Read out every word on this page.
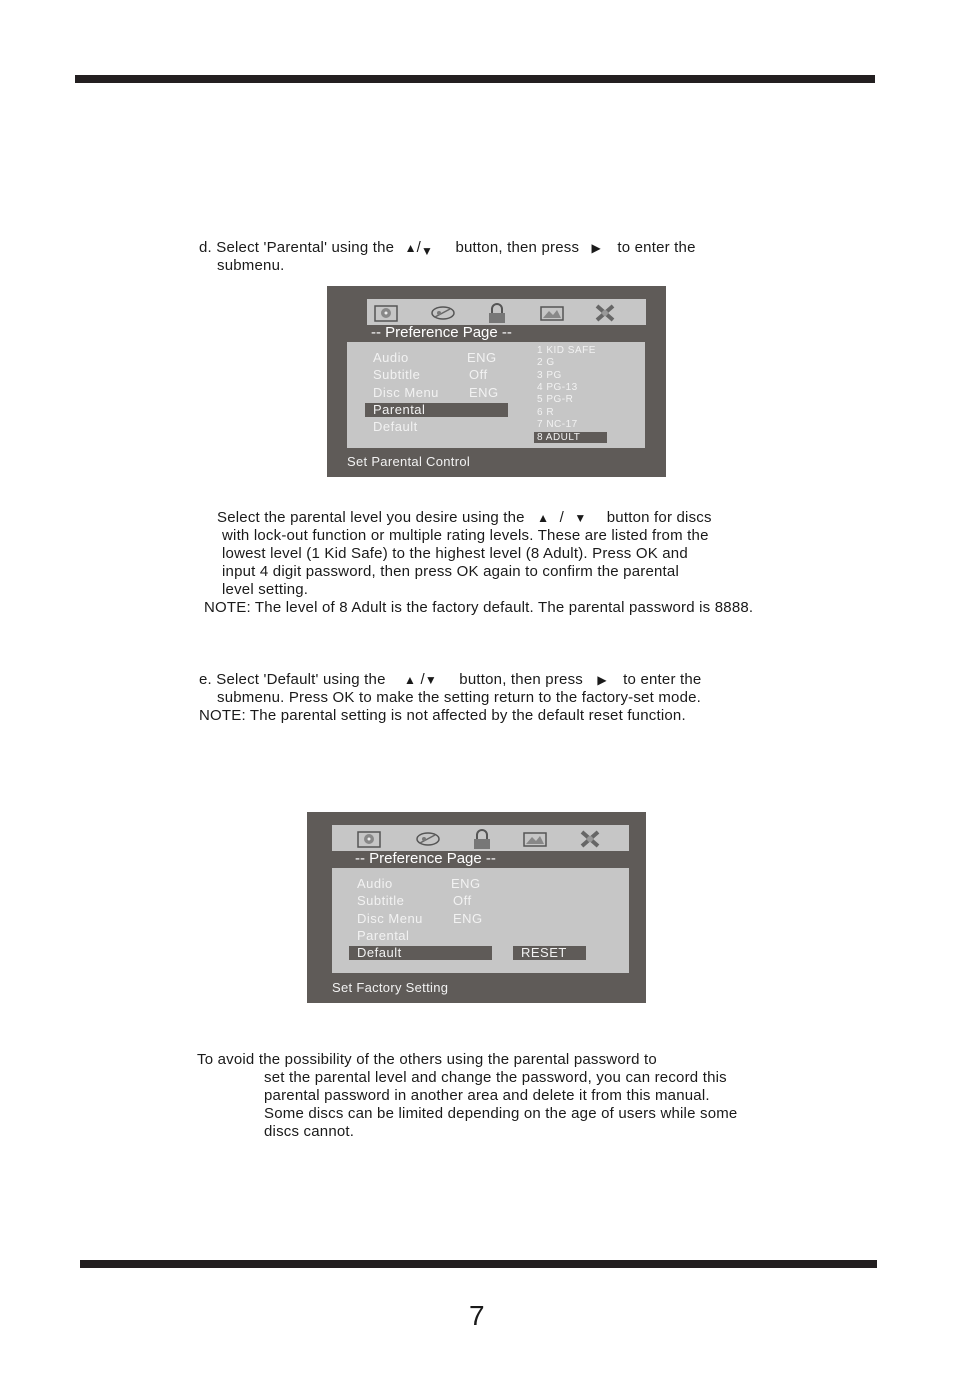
d. Select 'Parental' using the ▲/▼ button, then press ▶ to enter the
submenu.
-- Preference Page --
Audio	ENG
Subtitle	Off
Disc Menu ENG
Parental
Default
1 KID SAFE
2 G
3 PG
4 PG-13
5 PG-R
6 R
7 NC-17
8 ADULT
Set Parental Control
Select the parental level you desire using the ▲ / ▼ button for discs
with lock-out function or multiple rating levels. These are listed from the
lowest level (1 Kid Safe) to the highest level (8 Adult). Press OK and
input 4 digit password, then press OK again to confirm the parental
level setting.
NOTE: The level of 8 Adult is the factory default. The parental password is 8888.
e. Select 'Default' using the ▲ /▼ button, then press ▶ to enter the
submenu. Press OK to make the setting return to the factory-set mode.
NOTE: The parental setting is not affected by the default reset function.
-- Preference Page --
Audio	ENG
Subtitle	Off
Disc Menu ENG
Parental
Default	RESET
Set Factory Setting
To avoid the possibility of the others using the parental password to
set the parental level and change the password, you can record this
parental password in another area and delete it from this manual.
Some discs can be limited depending on the age of users while some
discs cannot.
7
